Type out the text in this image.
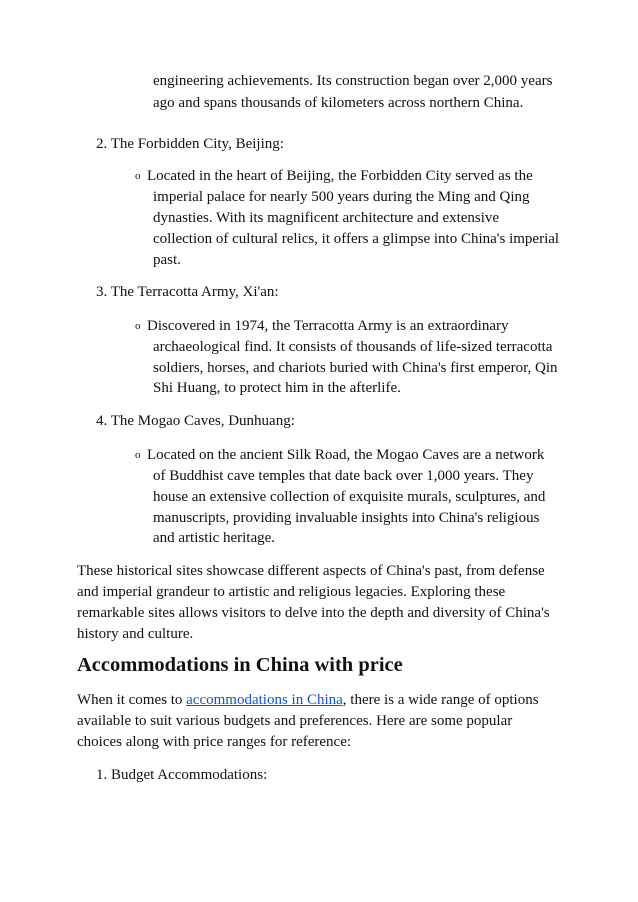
engineering achievements. Its construction began over 2,000 years
ago and spans thousands of kilometers across northern China.
2. The Forbidden City, Beijing:
o Located in the heart of Beijing, the Forbidden City served as the
imperial palace for nearly 500 years during the Ming and Qing
dynasties. With its magnificent architecture and extensive
collection of cultural relics, it offers a glimpse into China's imperial
past.
3. The Terracotta Army, Xi'an:
o Discovered in 1974, the Terracotta Army is an extraordinary
archaeological find. It consists of thousands of life-sized terracotta
soldiers, horses, and chariots buried with China's first emperor, Qin
Shi Huang, to protect him in the afterlife.
4. The Mogao Caves, Dunhuang:
o Located on the ancient Silk Road, the Mogao Caves are a network
of Buddhist cave temples that date back over 1,000 years. They
house an extensive collection of exquisite murals, sculptures, and
manuscripts, providing invaluable insights into China's religious
and artistic heritage.
These historical sites showcase different aspects of China's past, from defense
and imperial grandeur to artistic and religious legacies. Exploring these
remarkable sites allows visitors to delve into the depth and diversity of China's
history and culture.
Accommodations in China with price
When it comes to accommodations in China, there is a wide range of options
available to suit various budgets and preferences. Here are some popular
choices along with price ranges for reference:
1. Budget Accommodations:
